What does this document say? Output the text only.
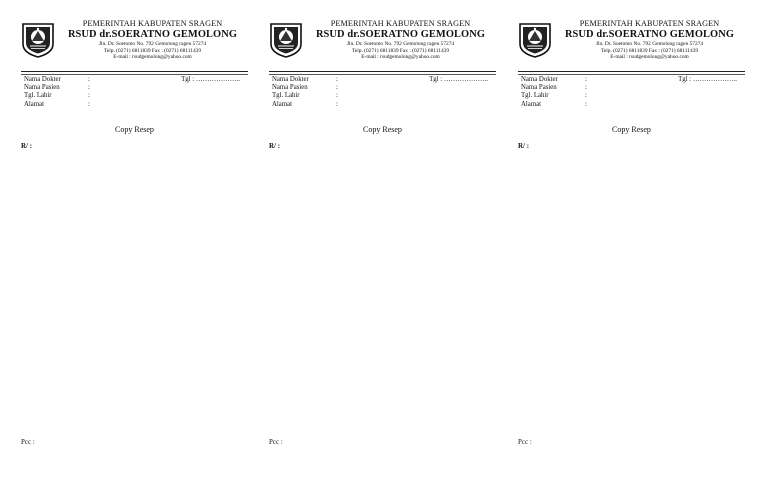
PEMERINTAH KABUPATEN SRAGEN
RSUD dr.SOERATNO GEMOLONG
Jln. Dr. Soetomo No. 792 Gemolong ragen 57274
Telp. (0271) 6811839 Fax : (0271) 68111439
E-mail : rsudgemolong@yahoo.com
Nama Dokter	:	Tgl : ………………..
Nama Pasien	:
Tgl. Lahir	:
Alamat	:
Copy Resep
R/ :
Pcc :
PEMERINTAH KABUPATEN SRAGEN
RSUD dr.SOERATNO GEMOLONG
Jln. Dr. Soetomo No. 792 Gemolong ragen 57274
Telp. (0271) 6811839 Fax : (0271) 68111439
E-mail : rsudgemolong@yahoo.com
Nama Dokter	:	Tgl : ………………..
Nama Pasien	:
Tgl. Lahir	:
Alamat	:
Copy Resep
R/ :
Pcc :
PEMERINTAH KABUPATEN SRAGEN
RSUD dr.SOERATNO GEMOLONG
Jln. Dr. Soetomo No. 792 Gemolong ragen 57274
Telp. (0271) 6811839 Fax : (0271) 68111439
E-mail : rsudgemolong@yahoo.com
Nama Dokter	:	Tgl : ………………..
Nama Pasien	:
Tgl. Lahir	:
Alamat	:
Copy Resep
R/ :
Pcc :
